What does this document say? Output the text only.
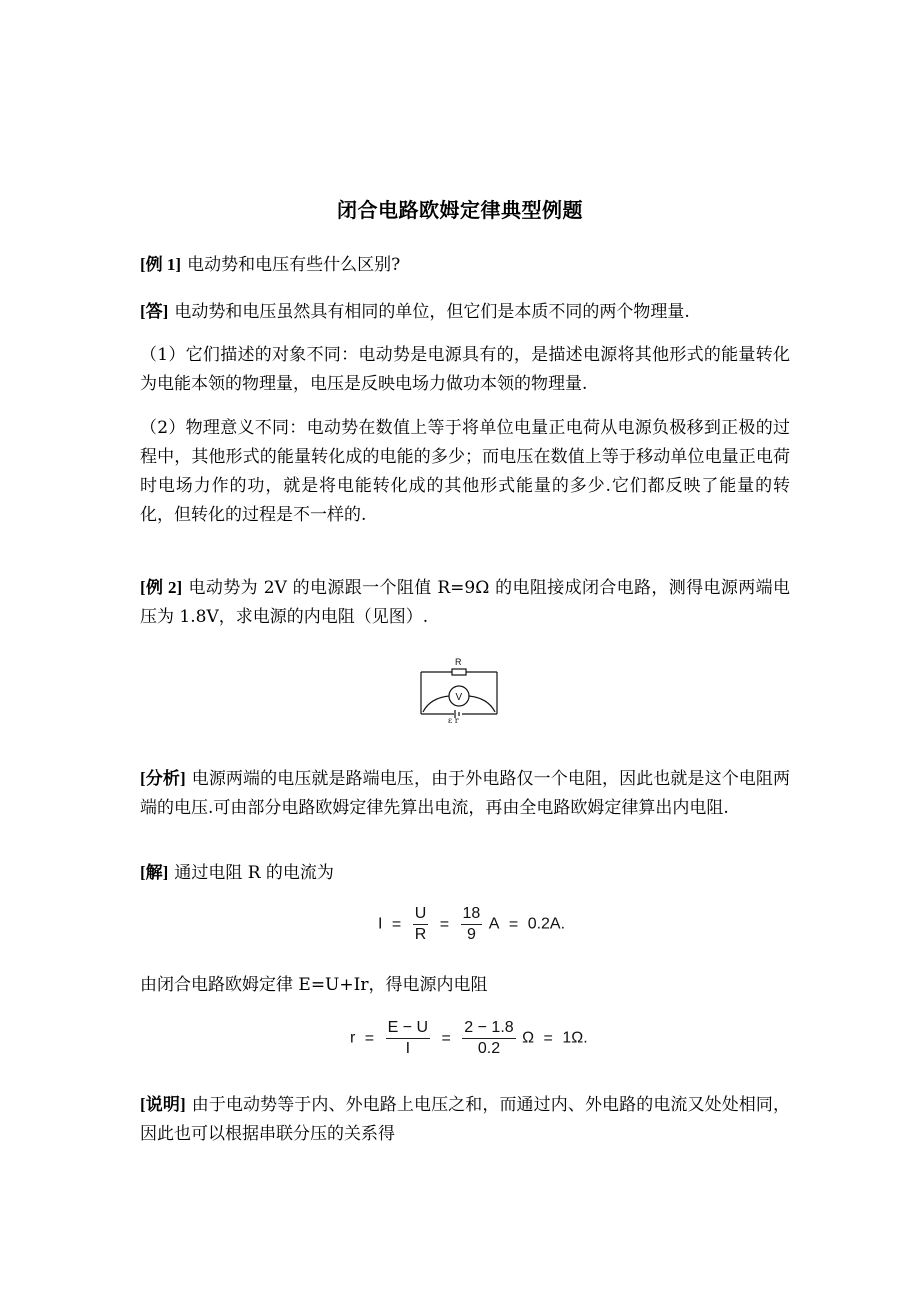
闭合电路欧姆定律典型例题
[例 1] 电动势和电压有些什么区别?
[答] 电动势和电压虽然具有相同的单位，但它们是本质不同的两个物理量.
（1）它们描述的对象不同：电动势是电源具有的，是描述电源将其他形式的能量转化为电能本领的物理量，电压是反映电场力做功本领的物理量.
（2）物理意义不同：电动势在数值上等于将单位电量正电荷从电源负极移到正极的过程中，其他形式的能量转化成的电能的多少；而电压在数值上等于移动单位电量正电荷时电场力作的功，就是将电能转化成的其他形式能量的多少.它们都反映了能量的转化，但转化的过程是不一样的.
[例 2] 电动势为 2V 的电源跟一个阻值 R=9Ω 的电阻接成闭合电路，测得电源两端电压为 1.8V，求电源的内电阻（见图）.
R
V
ε r
[分析] 电源两端的电压就是路端电压，由于外电路仅一个电阻，因此也就是这个电阻两端的电压.可由部分电路欧姆定律先算出电流，再由全电路欧姆定律算出内电阻.
[解] 通过电阻 R 的电流为
$I = \frac{U}{R} = \frac{18}{9}$ A = 0.2A.
由闭合电路欧姆定律 E=U+Ir，得电源内电阻
$r = \frac{E - U}{I} = \frac{2 - 1.8}{0.2}$ Ω = 1Ω.
[说明] 由于电动势等于内、外电路上电压之和，而通过内、外电路的电流又处处相同，因此也可以根据串联分压的关系得
